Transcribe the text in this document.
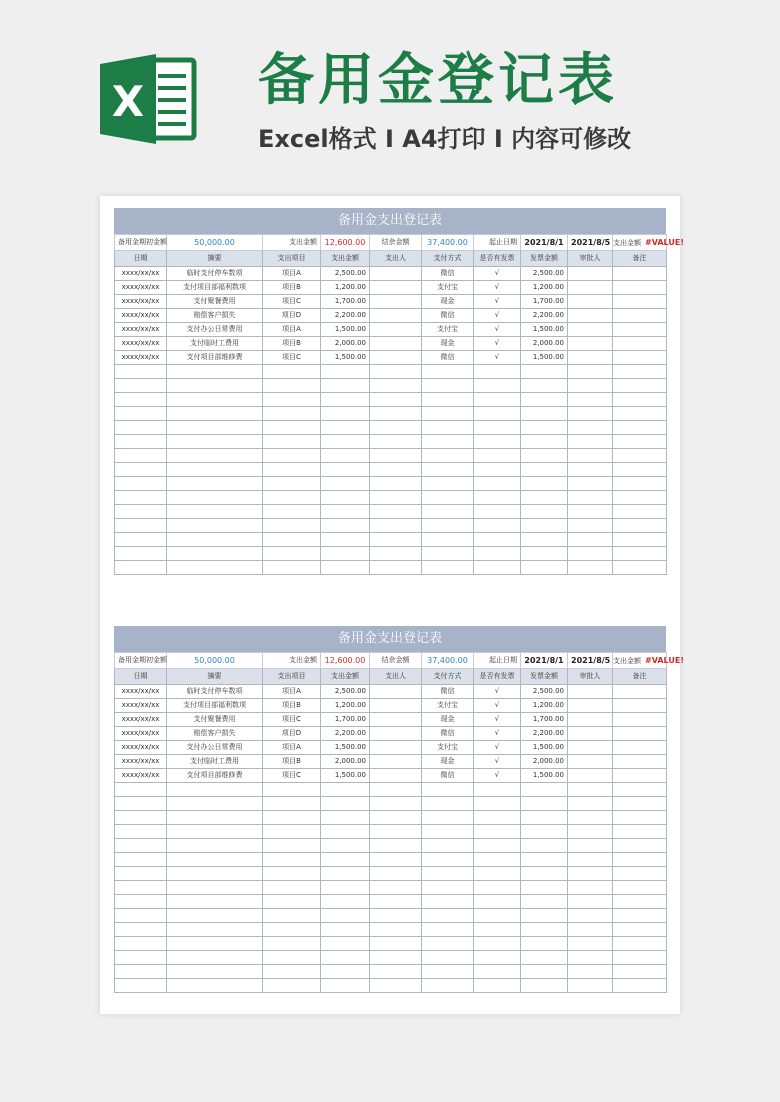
X 备用金登记表
Excel格式 I A4打印 I 内容可修改
备用金支出登记表
备用金期初金额	50,000.00	支出金额	12,600.00	结余金额	37,400.00	起止日期	2021/8/1	2021/8/5	支出金额 #VALUE!
日期	摘要	支出项目	支出金额	支出人	支付方式	是否有发票	发票金额	审批人	备注
xxxx/xx/xx	临时支付停车数项	项目A	2,500.00		微信	√	2,500.00		
xxxx/xx/xx	支付项目部福利数项	项目B	1,200.00		支付宝	√	1,200.00		
xxxx/xx/xx	支付聚餐费用	项目C	1,700.00		现金	√	1,700.00		
xxxx/xx/xx	赔偿客户损失	项目D	2,200.00		微信	√	2,200.00		
xxxx/xx/xx	支付办公日常费用	项目A	1,500.00		支付宝	√	1,500.00		
xxxx/xx/xx	支付临时工费用	项目B	2,000.00		现金	√	2,000.00		
xxxx/xx/xx	支付项目部维修费	项目C	1,500.00		微信	√	1,500.00		

备用金支出登记表
备用金期初金额	50,000.00	支出金额	12,600.00	结余金额	37,400.00	起止日期	2021/8/1	2021/8/5	支出金额 #VALUE!
日期	摘要	支出项目	支出金额	支出人	支付方式	是否有发票	发票金额	审批人	备注
xxxx/xx/xx	临时支付停车数项	项目A	2,500.00		微信	√	2,500.00		
xxxx/xx/xx	支付项目部福利数项	项目B	1,200.00		支付宝	√	1,200.00		
xxxx/xx/xx	支付聚餐费用	项目C	1,700.00		现金	√	1,700.00		
xxxx/xx/xx	赔偿客户损失	项目D	2,200.00		微信	√	2,200.00		
xxxx/xx/xx	支付办公日常费用	项目A	1,500.00		支付宝	√	1,500.00		
xxxx/xx/xx	支付临时工费用	项目B	2,000.00		现金	√	2,000.00		
xxxx/xx/xx	支付项目部维修费	项目C	1,500.00		微信	√	1,500.00		
